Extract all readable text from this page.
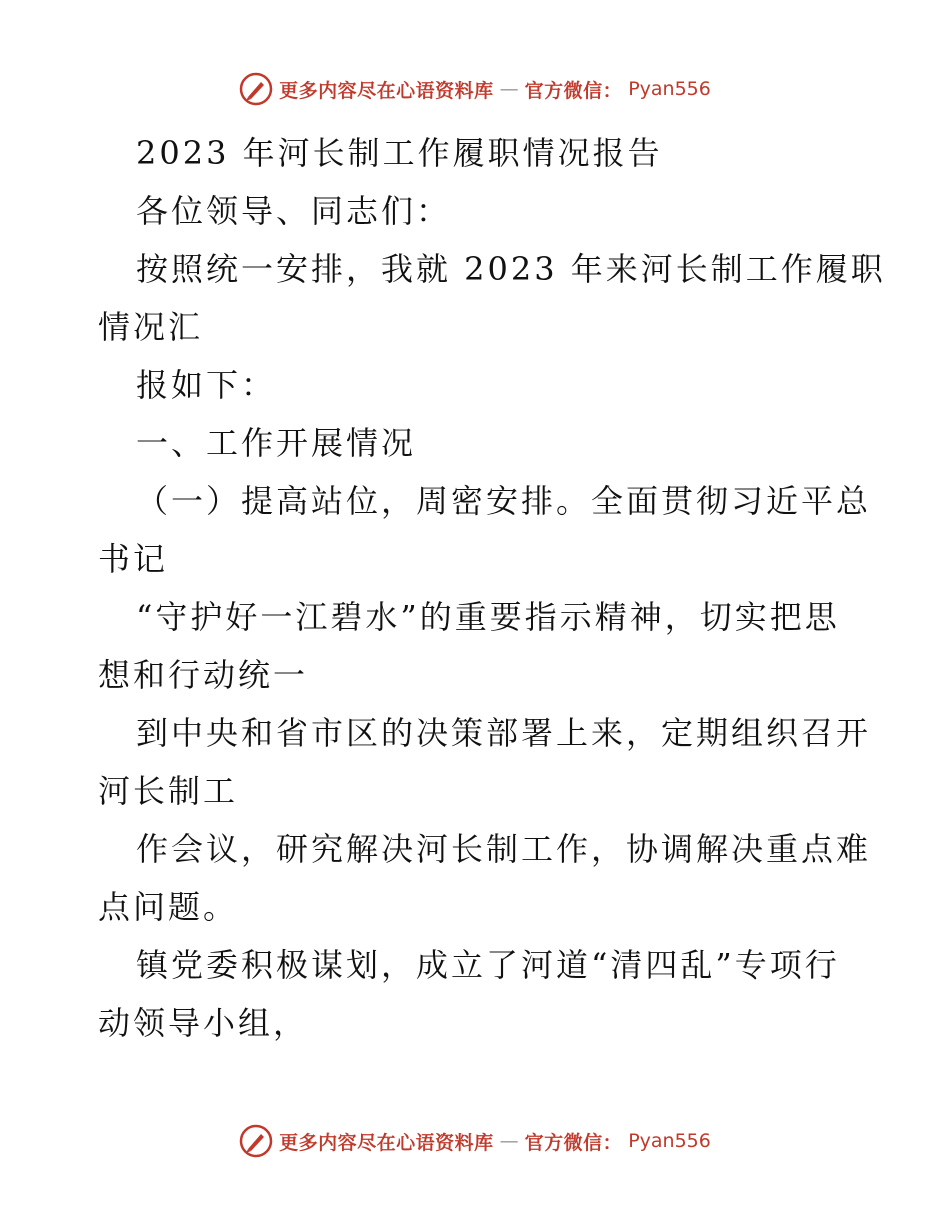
更多内容尽在心语资料库 — 官方微信： Pyan556
2023 年河长制工作履职情况报告
各位领导、同志们：
按照统一安排，我就 2023 年来河长制工作履职
情况汇
报如下：
一、工作开展情况
（一）提高站位，周密安排。全面贯彻习近平总
书记
“守护好一江碧水”的重要指示精神，切实把思
想和行动统一
到中央和省市区的决策部署上来，定期组织召开
河长制工
作会议，研究解决河长制工作，协调解决重点难
点问题。
镇党委积极谋划，成立了河道“清四乱”专项行
动领导小组，
更多内容尽在心语资料库 — 官方微信： Pyan556
